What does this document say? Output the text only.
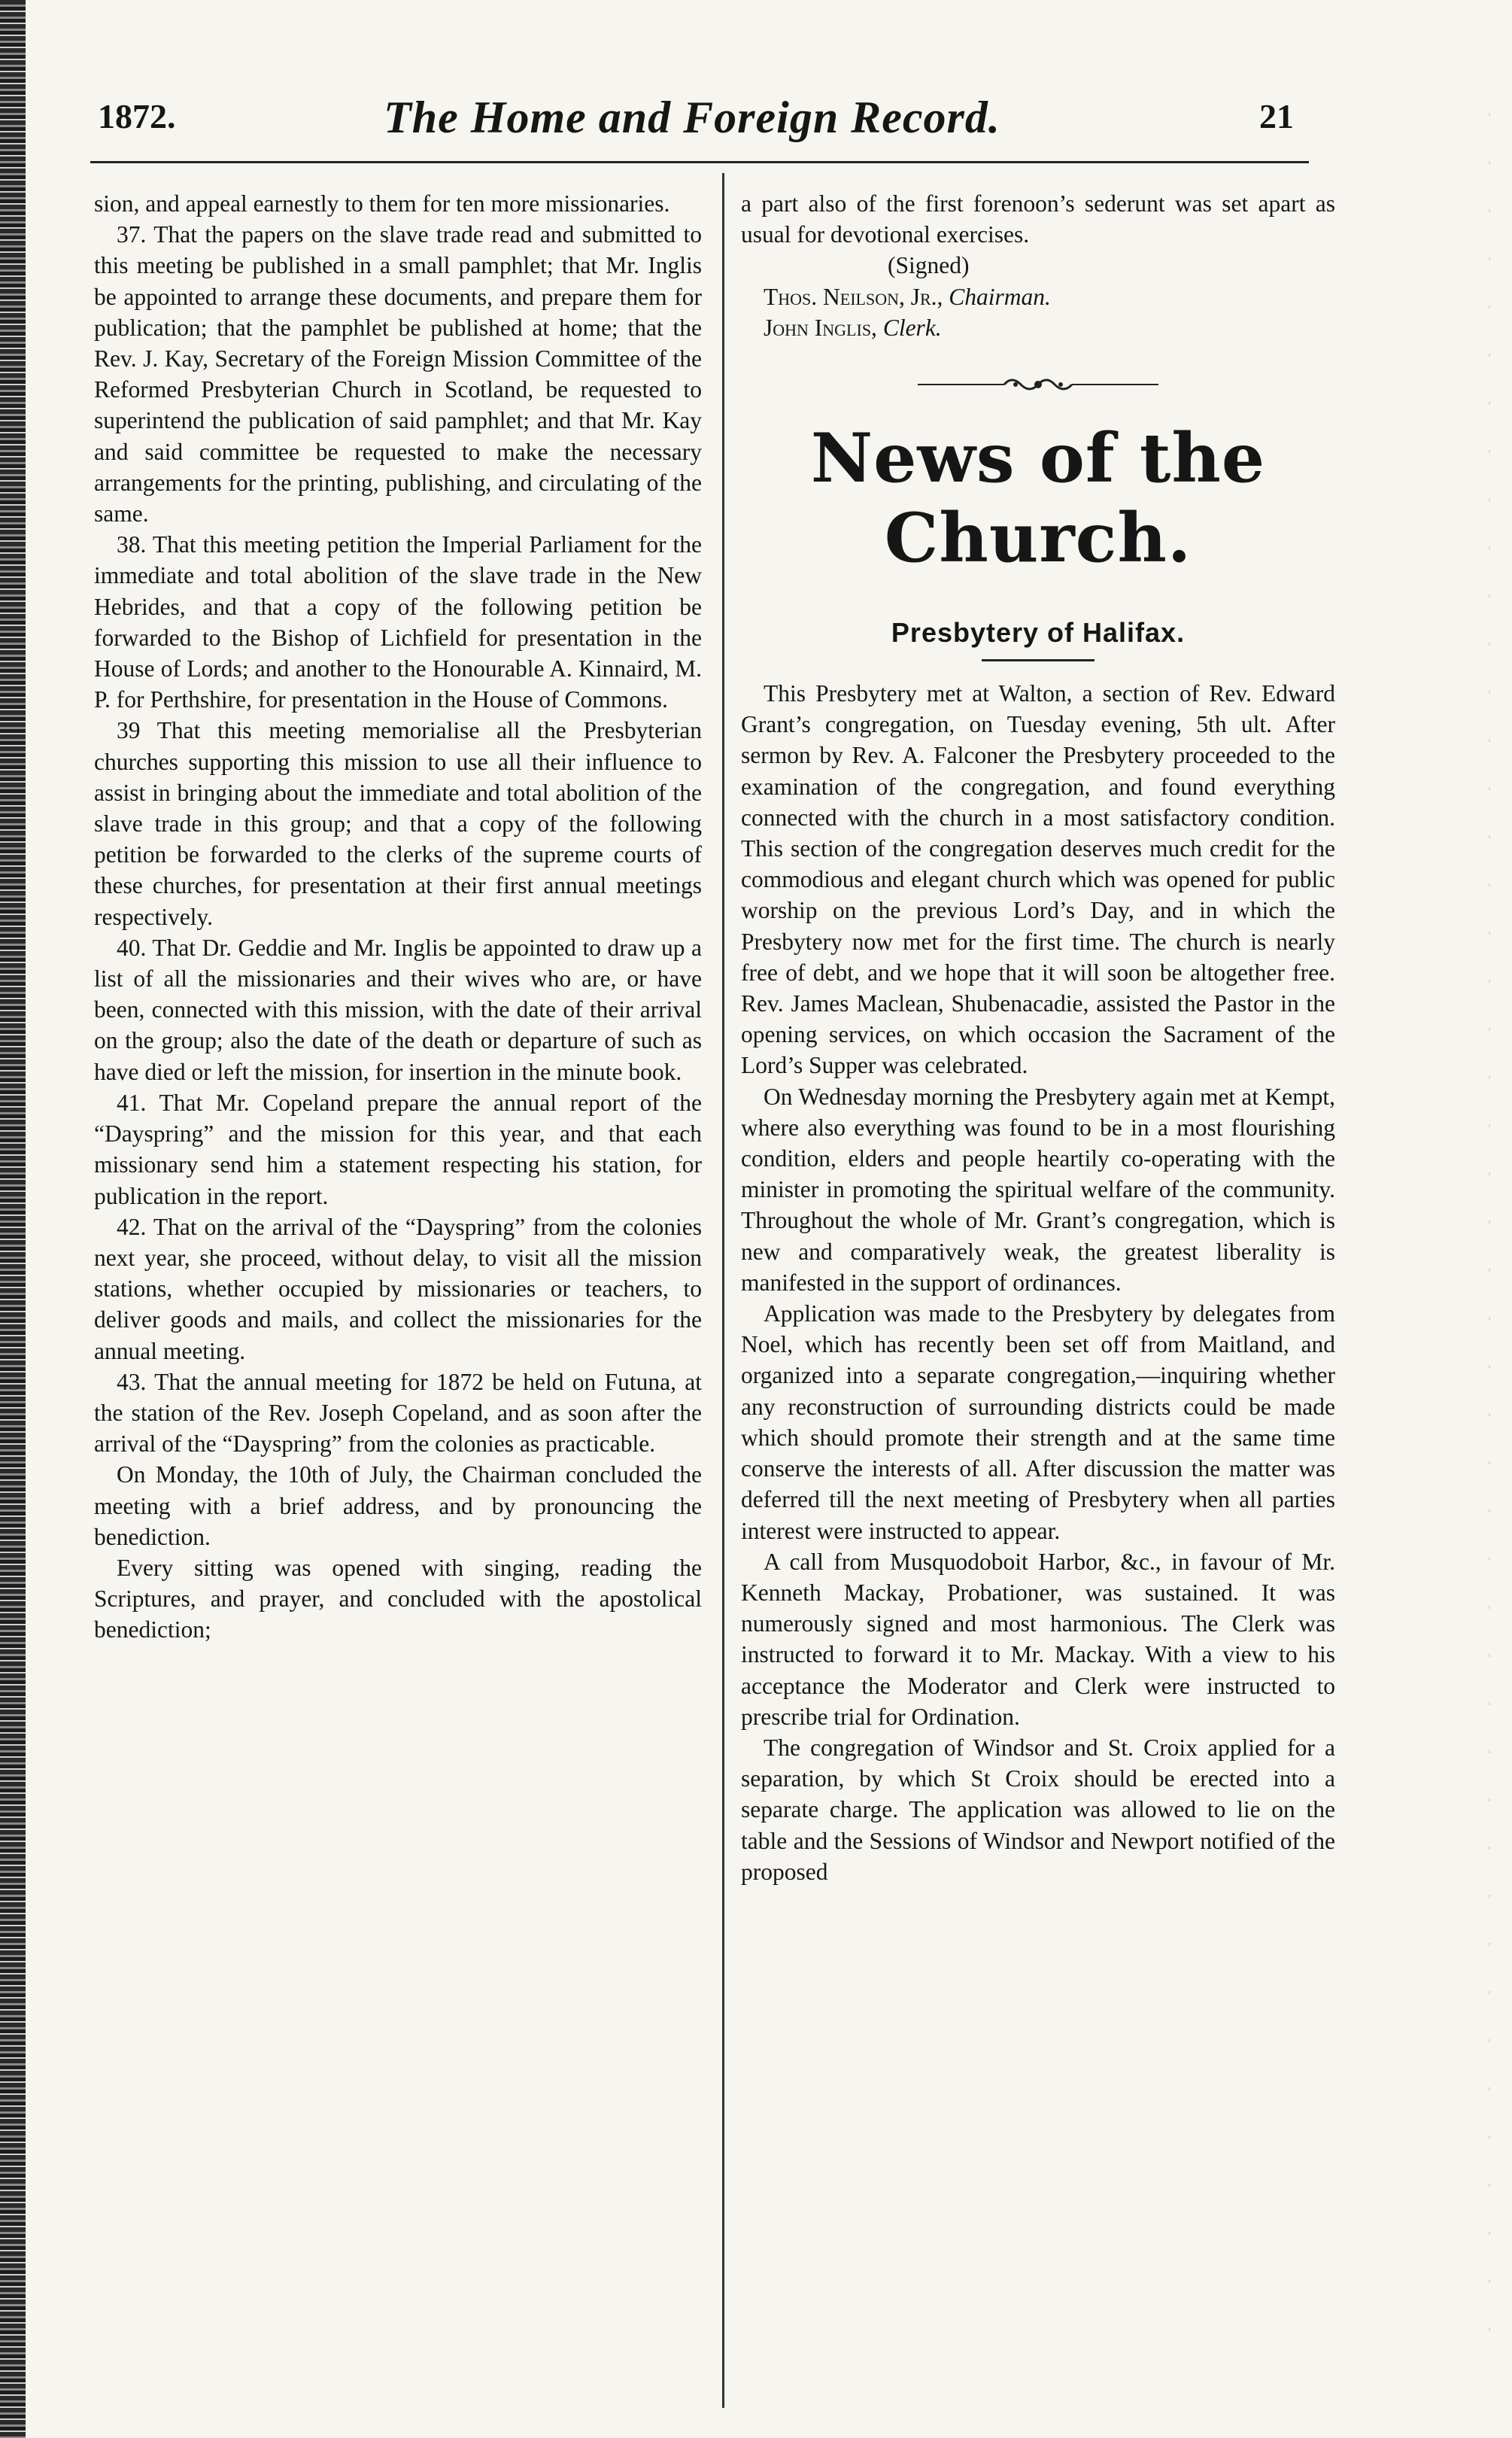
1872.	The Home and Foreign Record.	21

sion, and appeal earnestly to them for ten more missionaries.

37. That the papers on the slave trade read and submitted to this meeting be published in a small pamphlet; that Mr. Inglis be appointed to arrange these documents, and prepare them for publication; that the pamphlet be published at home; that the Rev. J. Kay, Secretary of the Foreign Mission Committee of the Reformed Presbyterian Church in Scotland, be requested to superintend the publication of said pamphlet; and that Mr. Kay and said committee be requested to make the necessary arrangements for the printing, publishing, and circulating of the same.

38. That this meeting petition the Imperial Parliament for the immediate and total abolition of the slave trade in the New Hebrides, and that a copy of the following petition be forwarded to the Bishop of Lichfield for presentation in the House of Lords; and another to the Honourable A. Kinnaird, M. P. for Perthshire, for presentation in the House of Commons.

39 That this meeting memorialise all the Presbyterian churches supporting this mission to use all their influence to assist in bringing about the immediate and total abolition of the slave trade in this group; and that a copy of the following petition be forwarded to the clerks of the supreme courts of these churches, for presentation at their first annual meetings respectively.

40. That Dr. Geddie and Mr. Inglis be appointed to draw up a list of all the missionaries and their wives who are, or have been, connected with this mission, with the date of their arrival on the group; also the date of the death or departure of such as have died or left the mission, for insertion in the minute book.

41. That Mr. Copeland prepare the annual report of the “Dayspring” and the mission for this year, and that each missionary send him a statement respecting his station, for publication in the report.

42. That on the arrival of the “Dayspring” from the colonies next year, she proceed, without delay, to visit all the mission stations, whether occupied by missionaries or teachers, to deliver goods and mails, and collect the missionaries for the annual meeting.

43. That the annual meeting for 1872 be held on Futuna, at the station of the Rev. Joseph Copeland, and as soon after the arrival of the “Dayspring” from the colonies as practicable.

On Monday, the 10th of July, the Chairman concluded the meeting with a brief address, and by pronouncing the benediction.

Every sitting was opened with singing, reading the Scriptures, and prayer, and concluded with the apostolical benediction;

a part also of the first forenoon’s sederunt was set apart as usual for devotional exercises.

(Signed)

Thos. Neilson, Jr., Chairman.

John Inglis, Clerk.

News of the Church.
Presbytery of Halifax.

This Presbytery met at Walton, a section of Rev. Edward Grant’s congregation, on Tuesday evening, 5th ult. After sermon by Rev. A. Falconer the Presbytery proceeded to the examination of the congregation, and found everything connected with the church in a most satisfactory condition. This section of the congregation deserves much credit for the commodious and elegant church which was opened for public worship on the previous Lord’s Day, and in which the Presbytery now met for the first time. The church is nearly free of debt, and we hope that it will soon be altogether free. Rev. James Maclean, Shubenacadie, assisted the Pastor in the opening services, on which occasion the Sacrament of the Lord’s Supper was celebrated.

On Wednesday morning the Presbytery again met at Kempt, where also everything was found to be in a most flourishing condition, elders and people heartily co-operating with the minister in promoting the spiritual welfare of the community. Throughout the whole of Mr. Grant’s congregation, which is new and comparatively weak, the greatest liberality is manifested in the support of ordinances.

Application was made to the Presbytery by delegates from Noel, which has recently been set off from Maitland, and organized into a separate congregation,—inquiring whether any reconstruction of surrounding districts could be made which should promote their strength and at the same time conserve the interests of all. After discussion the matter was deferred till the next meeting of Presbytery when all parties interest were instructed to appear.

A call from Musquodoboit Harbor, &c., in favour of Mr. Kenneth Mackay, Probationer, was sustained. It was numerously signed and most harmonious. The Clerk was instructed to forward it to Mr. Mackay. With a view to his acceptance the Moderator and Clerk were instructed to prescribe trial for Ordination.

The congregation of Windsor and St. Croix applied for a separation, by which St Croix should be erected into a separate charge. The application was allowed to lie on the table and the Sessions of Windsor and Newport notified of the proposed
